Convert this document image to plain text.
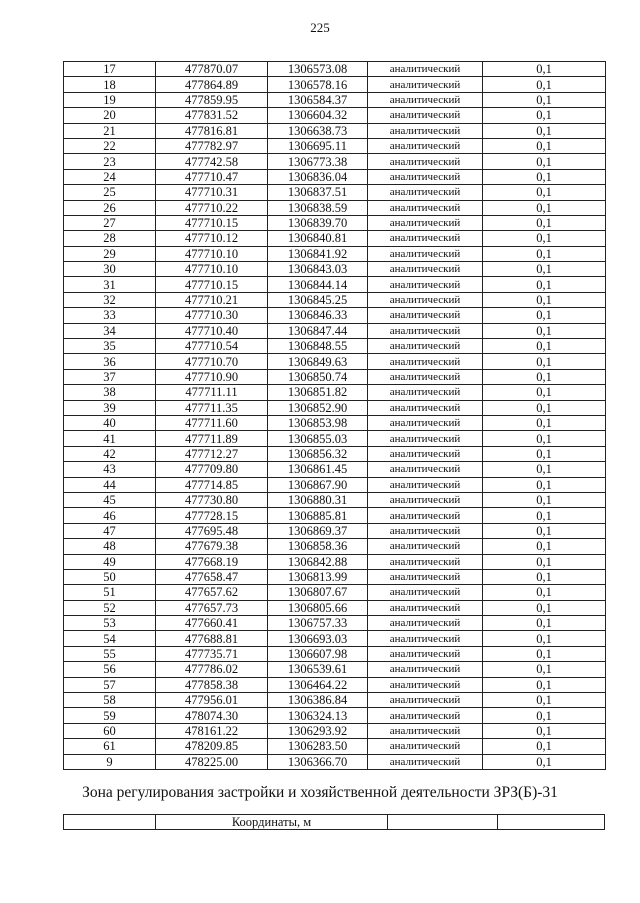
225
17	477870.07	1306573.08	аналитический	0,1
18	477864.89	1306578.16	аналитический	0,1
19	477859.95	1306584.37	аналитический	0,1
20	477831.52	1306604.32	аналитический	0,1
21	477816.81	1306638.73	аналитический	0,1
22	477782.97	1306695.11	аналитический	0,1
23	477742.58	1306773.38	аналитический	0,1
24	477710.47	1306836.04	аналитический	0,1
25	477710.31	1306837.51	аналитический	0,1
26	477710.22	1306838.59	аналитический	0,1
27	477710.15	1306839.70	аналитический	0,1
28	477710.12	1306840.81	аналитический	0,1
29	477710.10	1306841.92	аналитический	0,1
30	477710.10	1306843.03	аналитический	0,1
31	477710.15	1306844.14	аналитический	0,1
32	477710.21	1306845.25	аналитический	0,1
33	477710.30	1306846.33	аналитический	0,1
34	477710.40	1306847.44	аналитический	0,1
35	477710.54	1306848.55	аналитический	0,1
36	477710.70	1306849.63	аналитический	0,1
37	477710.90	1306850.74	аналитический	0,1
38	477711.11	1306851.82	аналитический	0,1
39	477711.35	1306852.90	аналитический	0,1
40	477711.60	1306853.98	аналитический	0,1
41	477711.89	1306855.03	аналитический	0,1
42	477712.27	1306856.32	аналитический	0,1
43	477709.80	1306861.45	аналитический	0,1
44	477714.85	1306867.90	аналитический	0,1
45	477730.80	1306880.31	аналитический	0,1
46	477728.15	1306885.81	аналитический	0,1
47	477695.48	1306869.37	аналитический	0,1
48	477679.38	1306858.36	аналитический	0,1
49	477668.19	1306842.88	аналитический	0,1
50	477658.47	1306813.99	аналитический	0,1
51	477657.62	1306807.67	аналитический	0,1
52	477657.73	1306805.66	аналитический	0,1
53	477660.41	1306757.33	аналитический	0,1
54	477688.81	1306693.03	аналитический	0,1
55	477735.71	1306607.98	аналитический	0,1
56	477786.02	1306539.61	аналитический	0,1
57	477858.38	1306464.22	аналитический	0,1
58	477956.01	1306386.84	аналитический	0,1
59	478074.30	1306324.13	аналитический	0,1
60	478161.22	1306293.92	аналитический	0,1
61	478209.85	1306283.50	аналитический	0,1
9	478225.00	1306366.70	аналитический	0,1
Зона регулирования застройки и хозяйственной деятельности ЗРЗ(Б)-31
	Координаты, м		
